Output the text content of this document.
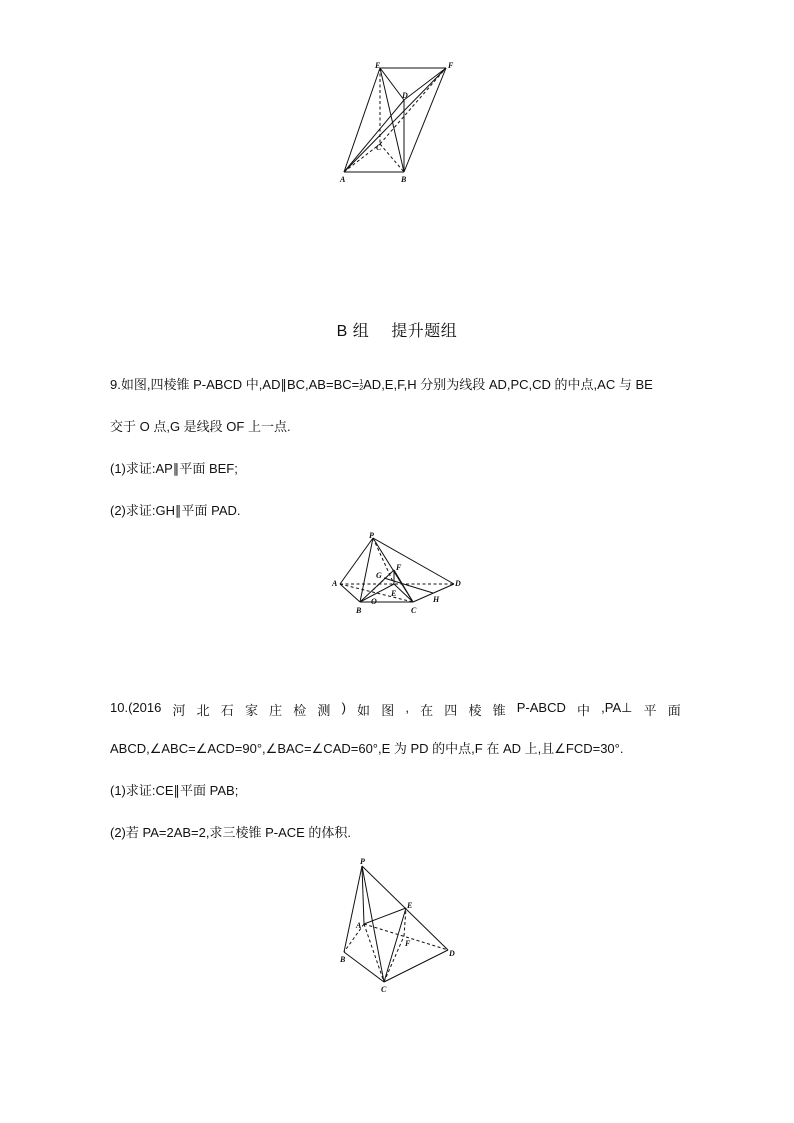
E	F
D
C
A	B
B 组 提升题组
9.如图,四棱锥 P-ABCD 中,AD∥BC,AB=BC= 1
2 AD,E,F,H 分别为线段 AD,PC,CD 的中点,AC 与 BE
交于 O 点,G 是线段 OF 上一点.
(1)求证:AP∥平面 BEF;
(2)求证:GH∥平面 PAD.
P
A	D
G
F
E
O
B	C
H
10.(2016 河 北 石 家 庄 检 测 ) 如 图 , 在 四 棱 锥 P-ABCD 中 ,PA⊥ 平 面
ABCD,∠ABC=∠ACD=90°,∠BAC=∠CAD=60°,E 为 PD 的中点,F 在 AD 上,且∠FCD=30°.
(1)求证:CE∥平面 PAB;
(2)若 PA=2AB=2,求三棱锥 P-ACE 的体积.
P
E
A
F
B
D
C
